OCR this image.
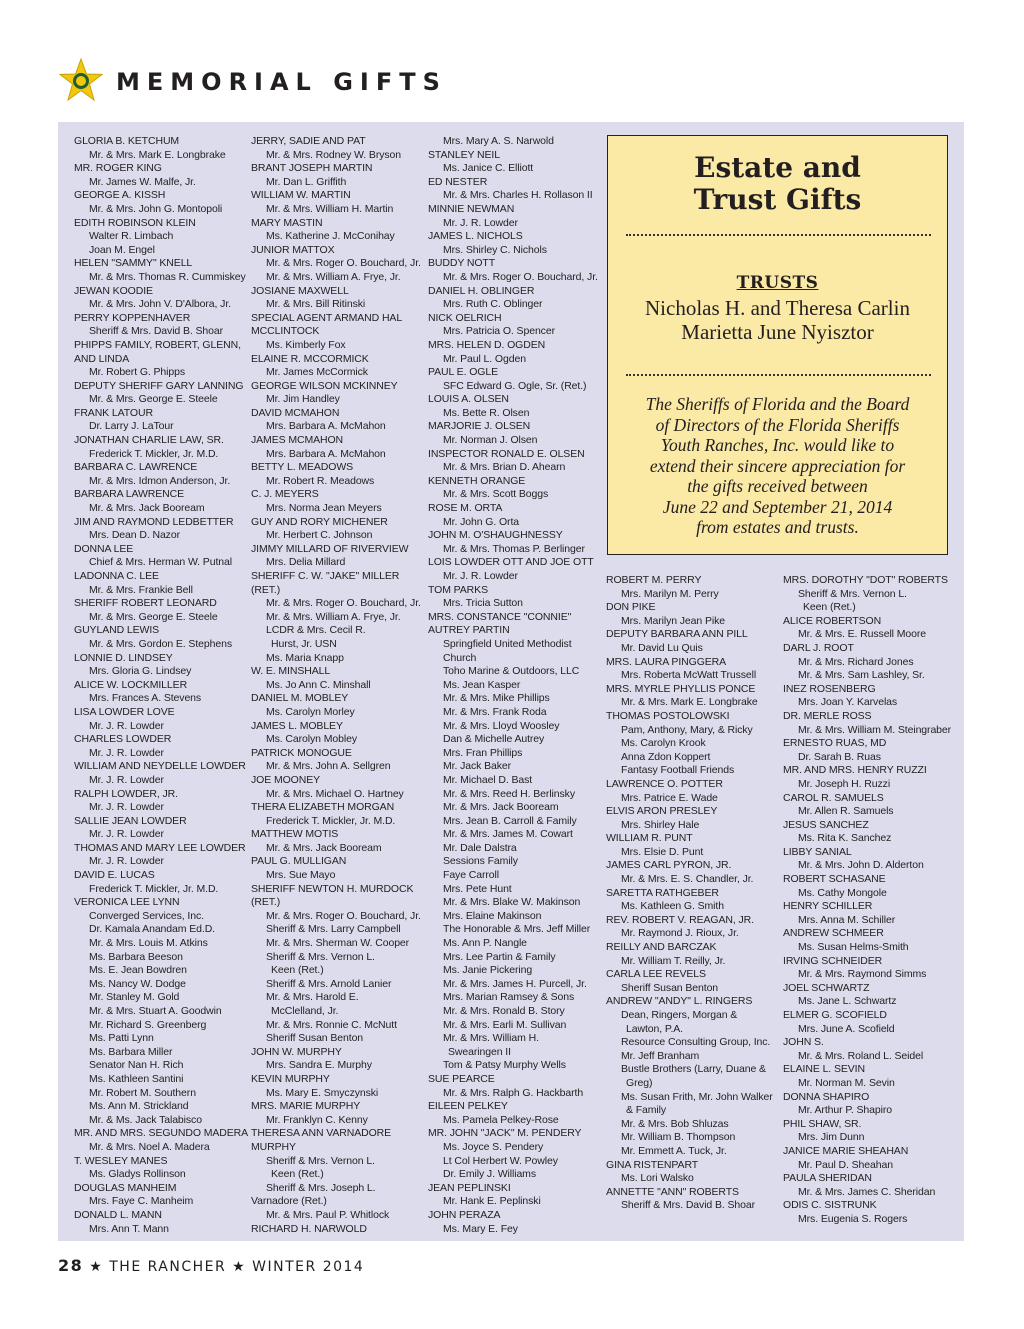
MEMORIAL GIFTS
GLORIA B. KETCHUM
Mr. & Mrs. Mark E. Longbrake
MR. ROGER KING
Mr. James W. Malfe, Jr.
GEORGE A. KISSH
Mr. & Mrs. John G. Montopoli
EDITH ROBINSON KLEIN
Walter R. Limbach
Joan M. Engel
HELEN "SAMMY" KNELL
Mr. & Mrs. Thomas R. Cummiskey
JEWAN KOODIE
Mr. & Mrs. John V. D'Albora, Jr.
PERRY KOPPENHAVER
Sheriff & Mrs. David B. Shoar
PHIPPS FAMILY, ROBERT, GLENN,
AND LINDA
Mr. Robert G. Phipps
DEPUTY SHERIFF GARY LANNING
Mr. & Mrs. George E. Steele
FRANK LATOUR
Dr. Larry J. LaTour
JONATHAN CHARLIE LAW, SR.
Frederick T. Mickler, Jr. M.D.
BARBARA C. LAWRENCE
Mr. & Mrs. Idmon Anderson, Jr.
BARBARA LAWRENCE
Mr. & Mrs. Jack Booream
JIM AND RAYMOND LEDBETTER
Mrs. Dean D. Nazor
DONNA LEE
Chief & Mrs. Herman W. Putnal
LADONNA C. LEE
Mr. & Mrs. Frankie Bell
SHERIFF ROBERT LEONARD
Mr. & Mrs. George E. Steele
GUYLAND LEWIS
Mr. & Mrs. Gordon E. Stephens
LONNIE D. LINDSEY
Mrs. Gloria G. Lindsey
ALICE W. LOCKMILLER
Mrs. Frances A. Stevens
LISA LOWDER LOVE
Mr. J. R. Lowder
CHARLES LOWDER
Mr. J. R. Lowder
WILLIAM AND NEYDELLE LOWDER
Mr. J. R. Lowder
RALPH LOWDER, JR.
Mr. J. R. Lowder
SALLIE JEAN LOWDER
Mr. J. R. Lowder
THOMAS AND MARY LEE LOWDER
Mr. J. R. Lowder
DAVID E. LUCAS
Frederick T. Mickler, Jr. M.D.
VERONICA LEE LYNN
Converged Services, Inc.
Dr. Kamala Anandam Ed.D.
Mr. & Mrs. Louis M. Atkins
Ms. Barbara Beeson
Ms. E. Jean Bowdren
Ms. Nancy W. Dodge
Mr. Stanley M. Gold
Mr. & Mrs. Stuart A. Goodwin
Mr. Richard S. Greenberg
Ms. Patti Lynn
Ms. Barbara Miller
Senator Nan H. Rich
Ms. Kathleen Santini
Mr. Robert M. Southern
Ms. Ann M. Strickland
Mr. & Ms. Jack Talabisco
MR. AND MRS. SEGUNDO MADERA
Mr. & Mrs. Noel A. Madera
T. WESLEY MANES
Ms. Gladys Rollinson
DOUGLAS MANHEIM
Mrs. Faye C. Manheim
DONALD L. MANN
Mrs. Ann T. Mann
JERRY, SADIE AND PAT
Mr. & Mrs. Rodney W. Bryson
BRANT JOSEPH MARTIN
Mr. Dan L. Griffith
WILLIAM W. MARTIN
Mr. & Mrs. William H. Martin
MARY MASTIN
Ms. Katherine J. McConihay
JUNIOR MATTOX
Mr. & Mrs. Roger O. Bouchard, Jr.
Mr. & Mrs. William A. Frye, Jr.
JOSIANE MAXWELL
Mr. & Mrs. Bill Ritinski
SPECIAL AGENT ARMAND HAL
MCCLINTOCK
Ms. Kimberly Fox
ELAINE R. MCCORMICK
Mr. James McCormick
GEORGE WILSON MCKINNEY
Mr. Jim Handley
DAVID MCMAHON
Mrs. Barbara A. McMahon
JAMES MCMAHON
Mrs. Barbara A. McMahon
BETTY L. MEADOWS
Mr. Robert R. Meadows
C. J. MEYERS
Mrs. Norma Jean Meyers
GUY AND RORY MICHENER
Mr. Herbert C. Johnson
JIMMY MILLARD OF RIVERVIEW
Mrs. Delia Millard
SHERIFF C. W. "JAKE" MILLER
(RET.)
Mr. & Mrs. Roger O. Bouchard, Jr.
Mr. & Mrs. William A. Frye, Jr.
LCDR & Mrs. Cecil R.
Hurst, Jr. USN
Ms. Maria Knapp
W. E. MINSHALL
Ms. Jo Ann C. Minshall
DANIEL M. MOBLEY
Ms. Carolyn Morley
JAMES L. MOBLEY
Ms. Carolyn Mobley
PATRICK MONOGUE
Mr. & Mrs. John A. Sellgren
JOE MOONEY
Mr. & Mrs. Michael O. Hartney
THERA ELIZABETH MORGAN
Frederick T. Mickler, Jr. M.D.
MATTHEW MOTIS
Mr. & Mrs. Jack Booream
PAUL G. MULLIGAN
Mrs. Sue Mayo
SHERIFF NEWTON H. MURDOCK
(RET.)
Mr. & Mrs. Roger O. Bouchard, Jr.
Sheriff & Mrs. Larry Campbell
Mr. & Mrs. Sherman W. Cooper
Sheriff & Mrs. Vernon L.
Keen (Ret.)
Sheriff & Mrs. Arnold Lanier
Mr. & Mrs. Harold E.
McClelland, Jr.
Mr. & Mrs. Ronnie C. McNutt
Sheriff Susan Benton
JOHN W. MURPHY
Mrs. Sandra E. Murphy
KEVIN MURPHY
Ms. Mary E. Smyczynski
MRS. MARIE MURPHY
Mr. Franklyn C. Kenny
THERESA ANN VARNADORE
MURPHY
Sheriff & Mrs. Vernon L.
Keen (Ret.)
Sheriff & Mrs. Joseph L.
Varnadore (Ret.)
Mr. & Mrs. Paul P. Whitlock
RICHARD H. NARWOLD
Mrs. Mary A. S. Narwold
STANLEY NEIL
Ms. Janice C. Elliott
ED NESTER
Mr. & Mrs. Charles H. Rollason II
MINNIE NEWMAN
Mr. J. R. Lowder
JAMES L. NICHOLS
Mrs. Shirley C. Nichols
BUDDY NOTT
Mr. & Mrs. Roger O. Bouchard, Jr.
DANIEL H. OBLINGER
Mrs. Ruth C. Oblinger
NICK OELRICH
Mrs. Patricia O. Spencer
MRS. HELEN D. OGDEN
Mr. Paul L. Ogden
PAUL E. OGLE
SFC Edward G. Ogle, Sr. (Ret.)
LOUIS A. OLSEN
Ms. Bette R. Olsen
MARJORIE J. OLSEN
Mr. Norman J. Olsen
INSPECTOR RONALD E. OLSEN
Mr. & Mrs. Brian D. Ahearn
KENNETH ORANGE
Mr. & Mrs. Scott Boggs
ROSE M. ORTA
Mr. John G. Orta
JOHN M. O'SHAUGHNESSY
Mr. & Mrs. Thomas P. Berlinger
LOIS LOWDER OTT AND JOE OTT
Mr. J. R. Lowder
TOM PARKS
Mrs. Tricia Sutton
MRS. CONSTANCE "CONNIE"
AUTREY PARTIN
Springfield United Methodist
Church
Toho Marine & Outdoors, LLC
Ms. Jean Kasper
Mr. & Mrs. Mike Phillips
Mr. & Mrs. Frank Roda
Mr. & Mrs. Lloyd Woosley
Dan & Michelle Autrey
Mrs. Fran Phillips
Mr. Jack Baker
Mr. Michael D. Bast
Mr. & Mrs. Reed H. Berlinsky
Mr. & Mrs. Jack Booream
Mrs. Jean B. Carroll & Family
Mr. & Mrs. James M. Cowart
Mr. Dale Dalstra
Sessions Family
Faye Carroll
Mrs. Pete Hunt
Mr. & Mrs. Blake W. Makinson
Mrs. Elaine Makinson
The Honorable & Mrs. Jeff Miller
Ms. Ann P. Nangle
Mrs. Lee Partin & Family
Ms. Janie Pickering
Mr. & Mrs. James H. Purcell, Jr.
Mrs. Marian Ramsey & Sons
Mr. & Mrs. Ronald B. Story
Mr. & Mrs. Earli M. Sullivan
Mr. & Mrs. William H.
Swearingen II
Tom & Patsy Murphy Wells
SUE PEARCE
Mr. & Mrs. Ralph G. Hackbarth
EILEEN PELKEY
Ms. Pamela Pelkey-Rose
MR. JOHN "JACK" M. PENDERY
Ms. Joyce S. Pendery
Lt Col Herbert W. Powley
Dr. Emily J. Williams
JEAN PEPLINSKI
Mr. Hank E. Peplinski
JOHN PERAZA
Ms. Mary E. Fey
ROBERT M. PERRY
Mrs. Marilyn M. Perry
DON PIKE
Mrs. Marilyn Jean Pike
DEPUTY BARBARA ANN PILL
Mr. David Lu Quis
MRS. LAURA PINGGERA
Mrs. Roberta McWatt Trussell
MRS. MYRLE PHYLLIS PONCE
Mr. & Mrs. Mark E. Longbrake
THOMAS POSTOLOWSKI
Pam, Anthony, Mary, & Ricky
Ms. Carolyn Krook
Anna Zdon Koppert
Fantasy Football Friends
LAWRENCE O. POTTER
Mrs. Patrice E. Wade
ELVIS ARON PRESLEY
Mrs. Shirley Hale
WILLIAM R. PUNT
Mrs. Elsie D. Punt
JAMES CARL PYRON, JR.
Mr. & Mrs. E. S. Chandler, Jr.
SARETTA RATHGEBER
Ms. Kathleen G. Smith
REV. ROBERT V. REAGAN, JR.
Mr. Raymond J. Rioux, Jr.
REILLY AND BARCZAK
Mr. William T. Reilly, Jr.
CARLA LEE REVELS
Sheriff Susan Benton
ANDREW "ANDY" L. RINGERS
Dean, Ringers, Morgan &
Lawton, P.A.
Resource Consulting Group, Inc.
Mr. Jeff Branham
Bustle Brothers (Larry, Duane &
Greg)
Ms. Susan Frith, Mr. John Walker
& Family
Mr. & Mrs. Bob Shluzas
Mr. William B. Thompson
Mr. Emmett A. Tuck, Jr.
GINA RISTENPART
Ms. Lori Walsko
ANNETTE "ANN" ROBERTS
Sheriff & Mrs. David B. Shoar
MRS. DOROTHY "DOT" ROBERTS
Sheriff & Mrs. Vernon L.
Keen (Ret.)
ALICE ROBERTSON
Mr. & Mrs. E. Russell Moore
DARL J. ROOT
Mr. & Mrs. Richard Jones
Mr. & Mrs. Sam Lashley, Sr.
INEZ ROSENBERG
Mrs. Joan Y. Karvelas
DR. MERLE ROSS
Mr. & Mrs. William M. Steingraber
ERNESTO RUAS, MD
Dr. Sarah B. Ruas
MR. AND MRS. HENRY RUZZI
Mr. Joseph H. Ruzzi
CAROL R. SAMUELS
Mr. Allen R. Samuels
JESUS SANCHEZ
Ms. Rita K. Sanchez
LIBBY SANIAL
Mr. & Mrs. John D. Alderton
ROBERT SCHASANE
Ms. Cathy Mongole
HENRY SCHILLER
Mrs. Anna M. Schiller
ANDREW SCHMEER
Ms. Susan Helms-Smith
IRVING SCHNEIDER
Mr. & Mrs. Raymond Simms
JOEL SCHWARTZ
Ms. Jane L. Schwartz
ELMER G. SCOFIELD
Mrs. June A. Scofield
JOHN S.
Mr. & Mrs. Roland L. Seidel
ELAINE L. SEVIN
Mr. Norman M. Sevin
DONNA SHAPIRO
Mr. Arthur P. Shapiro
PHIL SHAW, SR.
Mrs. Jim Dunn
JANICE MARIE SHEAHAN
Mr. Paul D. Sheahan
PAULA SHERIDAN
Mr. & Mrs. James C. Sheridan
ODIS C. SISTRUNK
Mrs. Eugenia S. Rogers
Estate and
Trust Gifts
TRUSTS
Nicholas H. and Theresa Carlin
Marietta June Nyisztor
The Sheriffs of Florida and the Board
of Directors of the Florida Sheriffs
Youth Ranches, Inc. would like to
extend their sincere appreciation for
the gifts received between
June 22 and September 21, 2014
from estates and trusts.
28 ★ THE RANCHER ★ WINTER 2014
